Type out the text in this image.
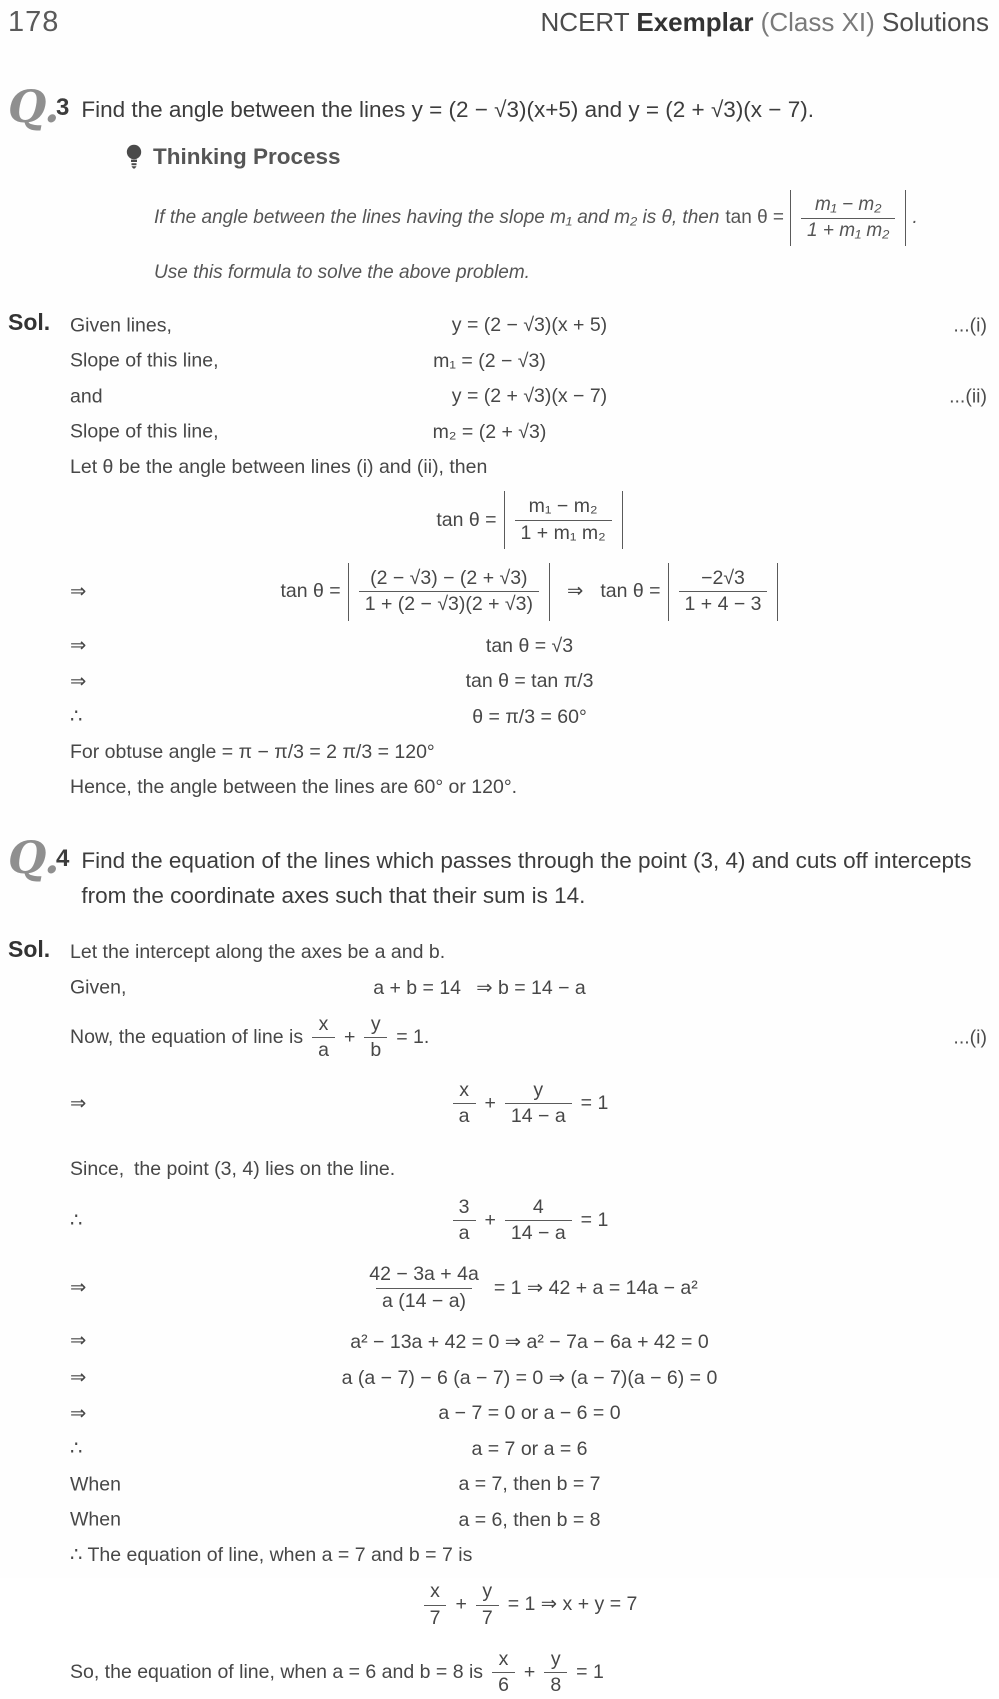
178	NCERT Exemplar (Class XI) Solutions
Q.
3 Find the angle between the lines y = (2 − √3)(x+5) and y = (2 + √3)(x − 7).
Thinking Process
If the angle between the lines having the slope m₁ and m₂ is θ, then $\tan \theta = \frac{\text{m₁ − m₂}}{\text{1 + m₁ m₂}}$ .
Use this formula to solve the above problem.
Sol.	Given lines,	y = (2 − √3)(x + 5)	...(i)
Slope of this line,	m₁ = (2 − √3)
and	y = (2 + √3)(x − 7)	...(ii)
Slope of this line,	m₂ = (2 + √3)
Let θ be the angle between lines (i) and (ii), then
$\tan \theta = \frac{\text{m₁ − m₂}}{\text{1 + m₁ m₂}}$
⇒	$\tan \theta = \frac{(2 - √3) - (2 + √3)}{1 + (2 - √3)(2 + √3)}$ ⇒ $\tan \theta = \frac{-2√3}{1 + 4 - 3}$
⇒	tan θ = √3
⇒	tan θ = tan π/3
∴	θ = π/3 = 60°
For obtuse angle = π − π/3 = 2 π/3 = 120°
Hence, the angle between the lines are 60° or 120°.
Q.
4 Find the equation of the lines which passes through the point (3, 4) and cuts off intercepts from the coordinate axes such that their sum is 14.
Sol.	Let the intercept along the axes be a and b.
Given,	a + b = 14  ⇒ b = 14 − a
Now, the equation of line is $\frac{x}{a} + \frac{y}{b} = 1$.	...(i)
⇒	$\frac{x}{a} + \frac{y}{14 - a} = 1$
Since, the point (3, 4) lies on the line.
∴	$\frac{3}{a} + \frac{4}{14 - a} = 1$
⇒	$\frac{42 - 3a + 4a}{a (14 - a)} = 1$ ⇒ 42 + a = 14a − a²
⇒	a² − 13a + 42 = 0 ⇒ a² − 7a − 6a + 42 = 0
⇒	a (a − 7) − 6 (a − 7) = 0 ⇒ (a − 7)(a − 6) = 0
⇒	a − 7 = 0 or a − 6 = 0
∴	a = 7 or a = 6
When	a = 7, then b = 7
When	a = 6, then b = 8
∴ The equation of line, when a = 7 and b = 7 is
$\frac{x}{7} + \frac{y}{7} = 1$ ⇒ x + y = 7
So, the equation of line, when a = 6 and b = 8 is $\frac{x}{6} + \frac{y}{8} = 1$
